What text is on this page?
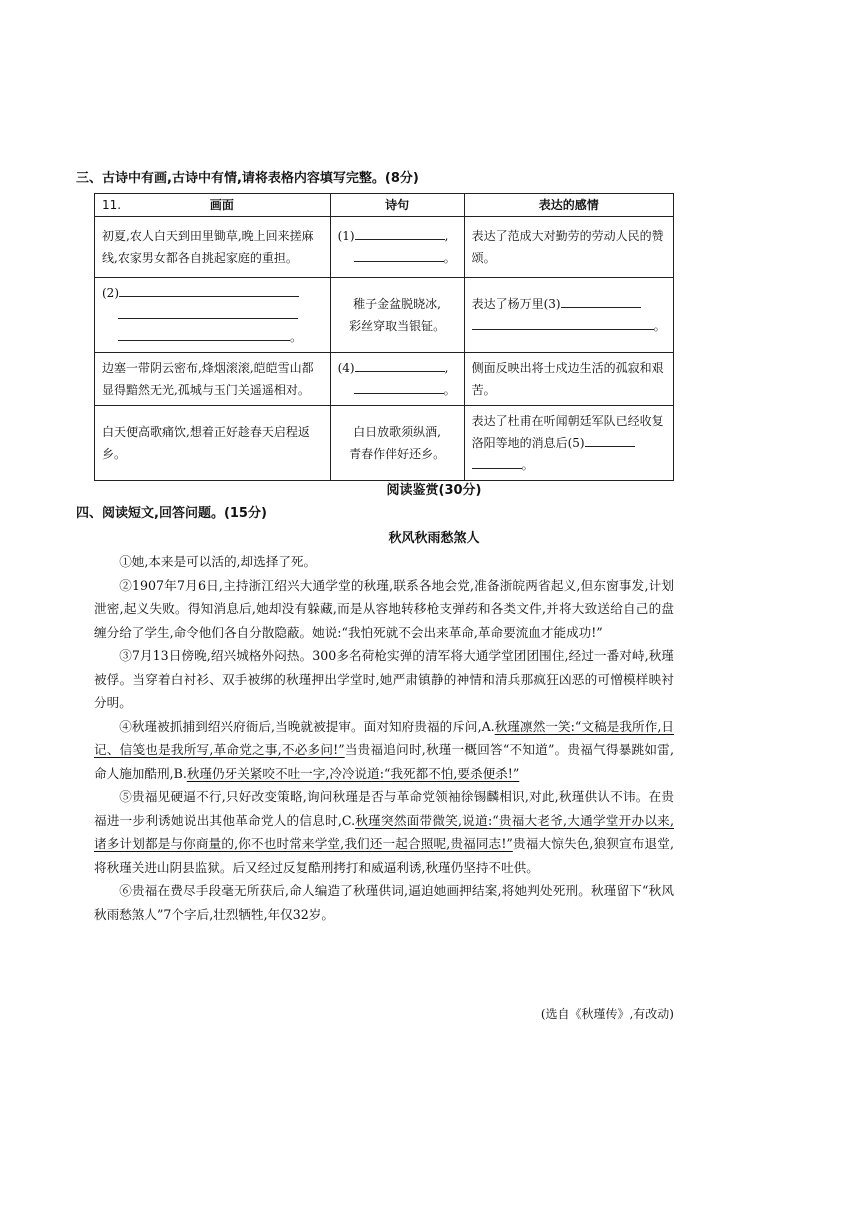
三、古诗中有画,古诗中有情,请将表格内容填写完整。(8分)
11. 画面	诗句	表达的感情
初夏,农人白天到田里锄草,晚上回来搓麻线,农家男女都各自挑起家庭的重担。	(1) ,
。	表达了范成大对勤劳的劳动人民的赞颂。
(2)

。	稚子金盆脱晓冰,
彩丝穿取当银钲。	表达了杨万里(3)
。
边塞一带阴云密布,烽烟滚滚,皑皑雪山都显得黯然无光,孤城与玉门关遥遥相对。	(4) ,
。	侧面反映出将士戍边生活的孤寂和艰苦。
白天便高歌痛饮,想着正好趁春天启程返乡。	白日放歌须纵酒,
青春作伴好还乡。	表达了杜甫在听闻朝廷军队已经收复洛阳等地的消息后(5)
。
阅读鉴赏(30分)
四、阅读短文,回答问题。(15分)
秋风秋雨愁煞人

①她,本来是可以活的,却选择了死。

②1907年7月6日,主持浙江绍兴大通学堂的秋瑾,联系各地会党,准备浙皖两省起义,但东窗事发,计划泄密,起义失败。得知消息后,她却没有躲藏,而是从容地转移枪支弹药和各类文件,并将大致送给自己的盘缠分给了学生,命令他们各自分散隐蔽。她说:“我怕死就不会出来革命,革命要流血才能成功!”

③7月13日傍晚,绍兴城格外闷热。300多名荷枪实弹的清军将大通学堂团团围住,经过一番对峙,秋瑾被俘。当穿着白衬衫、双手被绑的秋瑾押出学堂时,她严肃镇静的神情和清兵那疯狂凶恶的可憎模样映衬分明。

④秋瑾被抓捕到绍兴府衙后,当晚就被提审。面对知府贵福的斥问,A.秋瑾凛然一笑:“文稿是我所作,日记、信笺也是我所写,革命党之事,不必多问!”当贵福追问时,秋瑾一概回答“不知道”。贵福气得暴跳如雷,命人施加酷刑,B.秋瑾仍牙关紧咬不吐一字,冷冷说道:“我死都不怕,要杀便杀!”

⑤贵福见硬逼不行,只好改变策略,询问秋瑾是否与革命党领袖徐锡麟相识,对此,秋瑾供认不讳。在贵福进一步利诱她说出其他革命党人的信息时,C.秋瑾突然面带微笑,说道:“贵福大老爷,大通学堂开办以来,诸多计划都是与你商量的,你不也时常来学堂,我们还一起合照呢,贵福同志!”贵福大惊失色,狼狈宣布退堂,将秋瑾关进山阴县监狱。后又经过反复酷刑拷打和威逼利诱,秋瑾仍坚持不吐供。

⑥贵福在费尽手段毫无所获后,命人编造了秋瑾供词,逼迫她画押结案,将她判处死刑。秋瑾留下“秋风秋雨愁煞人”7个字后,壮烈牺牲,年仅32岁。

(选自《秋瑾传》,有改动)
